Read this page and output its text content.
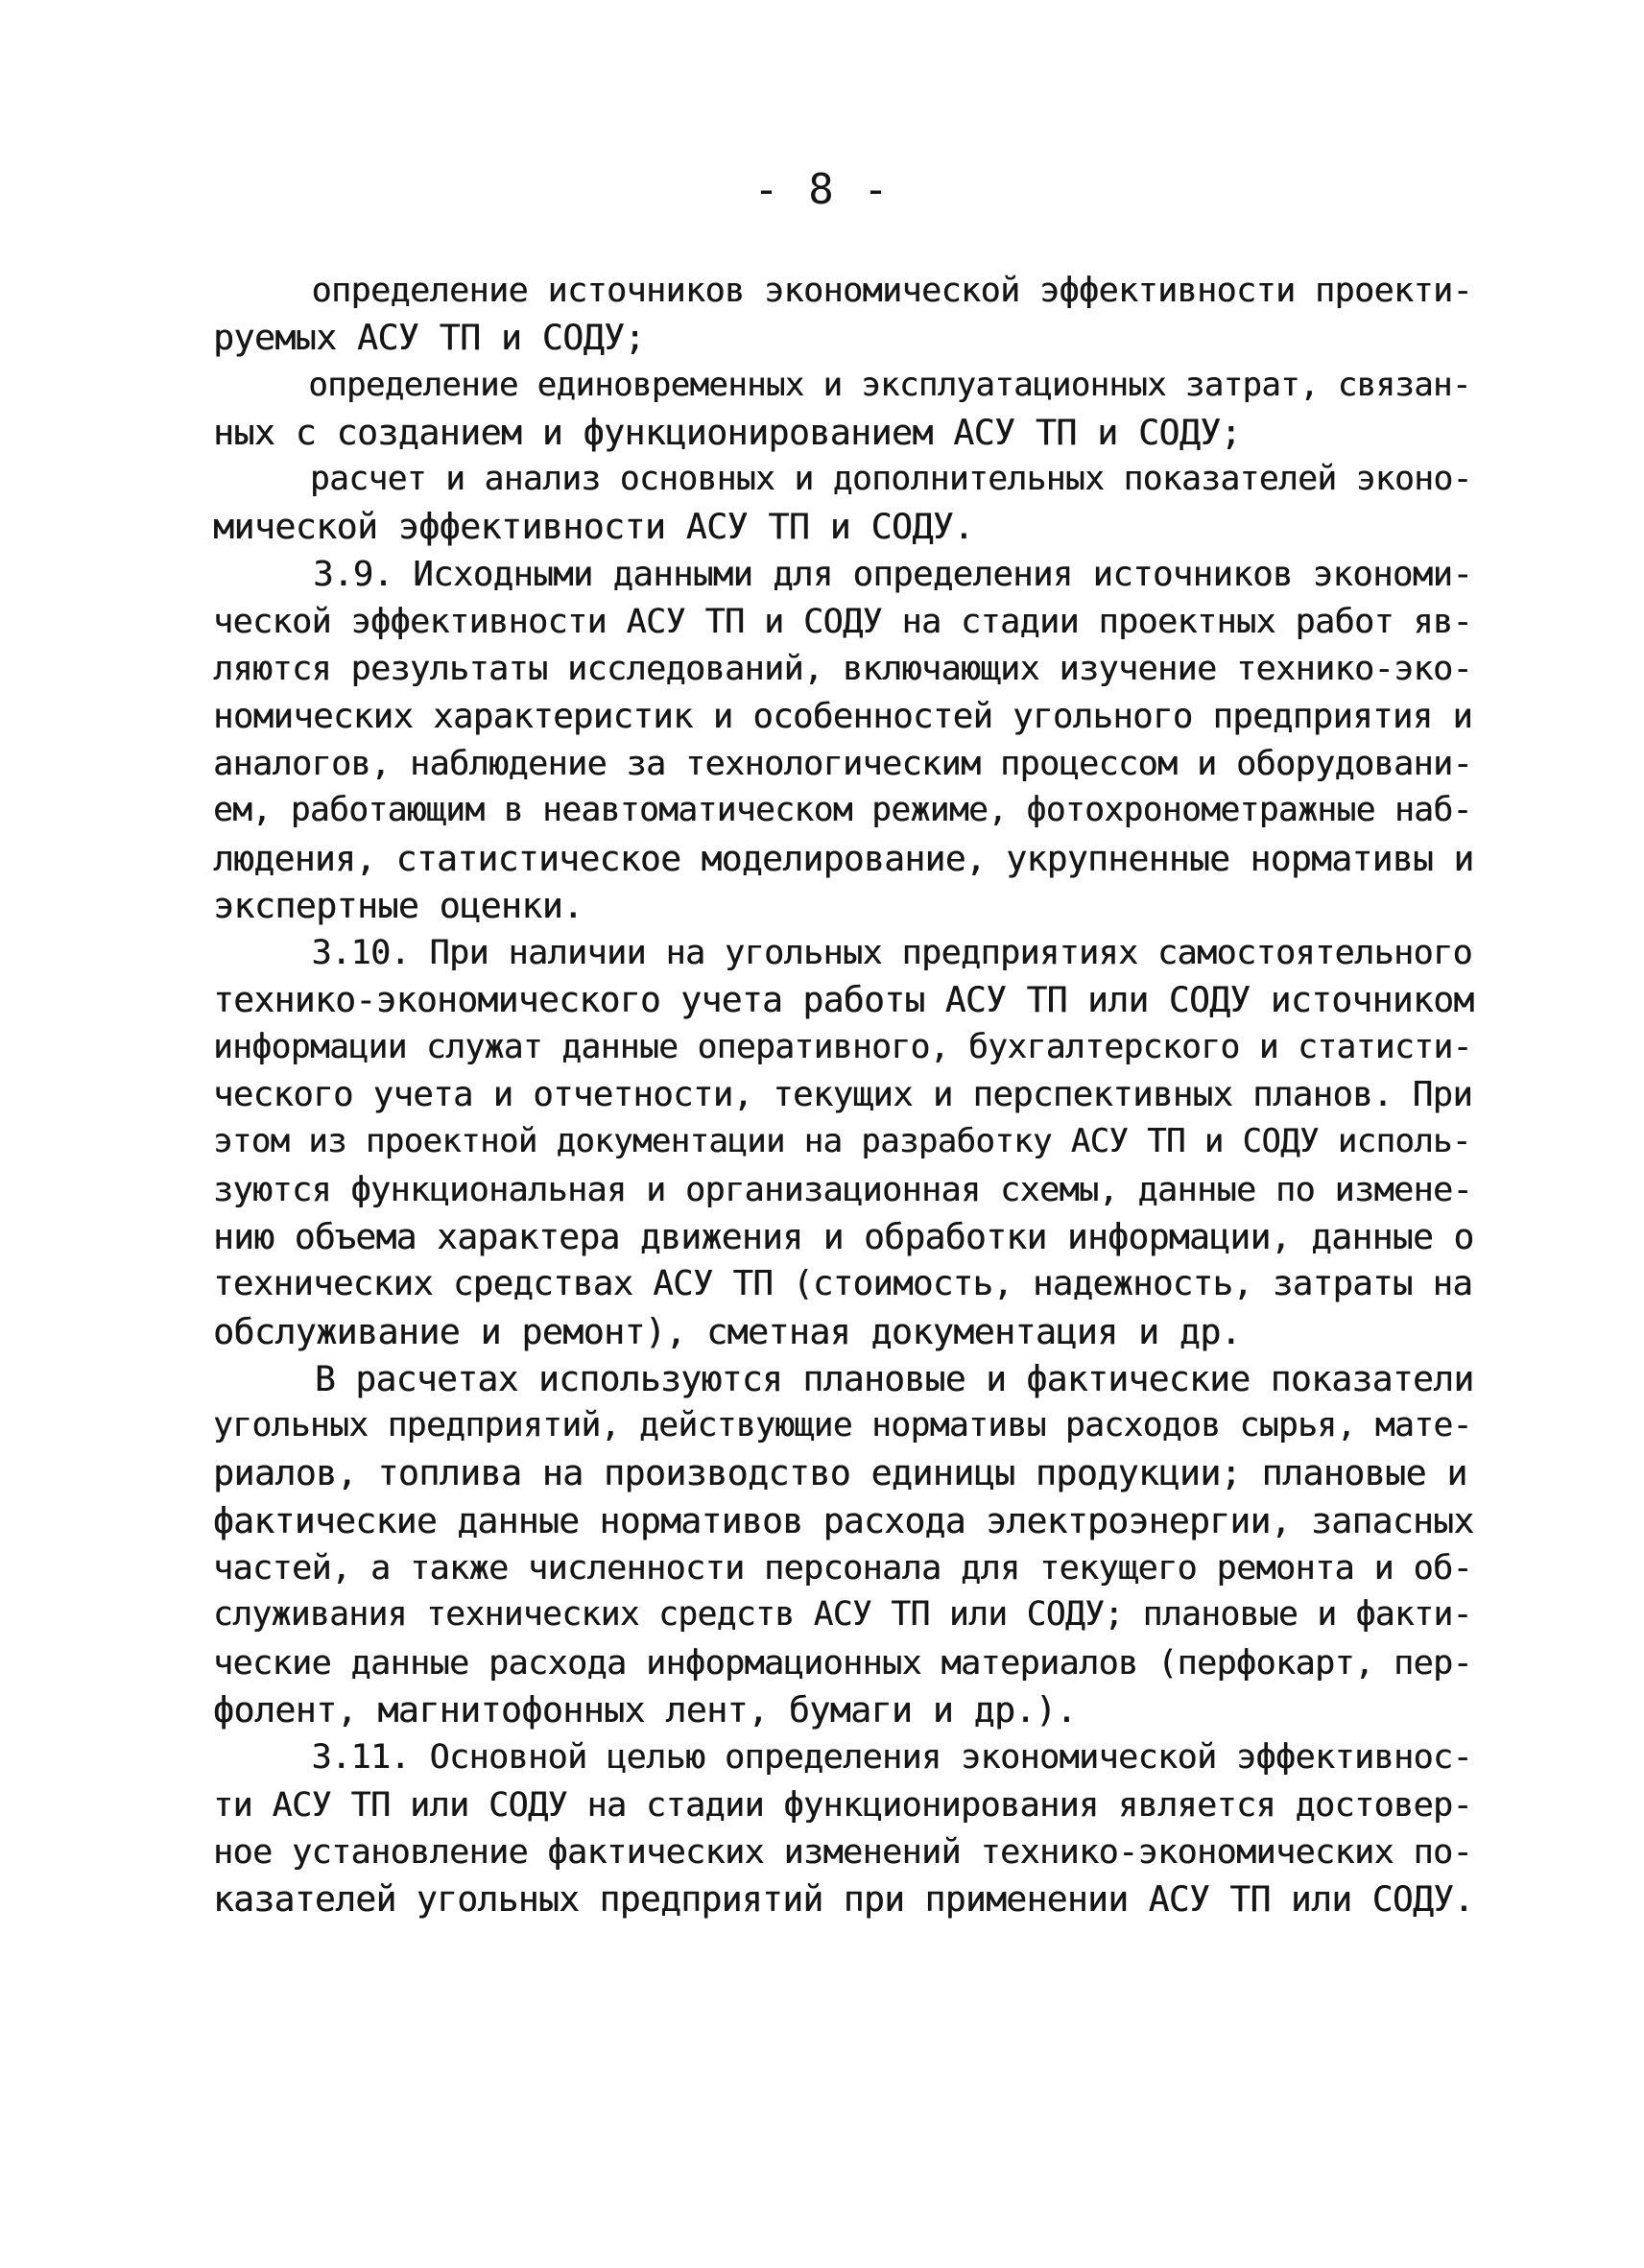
- 8 -
определение источников экономической эффективности проекти-
руемых АСУ ТП и СОДУ;
определение единовременных и эксплуатационных затрат, связан-
ных с созданием и функционированием АСУ ТП и СОДУ;
расчет и анализ основных и дополнительных показателей эконо-
мической эффективности АСУ ТП и СОДУ.
3.9. Исходными данными для определения источников экономи-
ческой эффективности АСУ ТП и СОДУ на стадии проектных работ яв-
ляются результаты исследований, включающих изучение технико-эко-
номических характеристик и особенностей угольного предприятия и
аналогов, наблюдение за технологическим процессом и оборудовани-
ем, работающим в неавтоматическом режиме, фотохронометражные наб-
людения, статистическое моделирование, укрупненные нормативы и
экспертные оценки.
3.10. При наличии на угольных предприятиях самостоятельного
технико-экономического учета работы АСУ ТП или СОДУ источником
информации служат данные оперативного, бухгалтерского и статисти-
ческого учета и отчетности, текущих и перспективных планов. При
этом из проектной документации на разработку АСУ ТП и СОДУ исполь-
зуются функциональная и организационная схемы, данные по измене-
нию объема характера движения и обработки информации, данные о
технических средствах АСУ ТП (стоимость, надежность, затраты на
обслуживание и ремонт), сметная документация и др.
В расчетах используются плановые и фактические показатели
угольных предприятий, действующие нормативы расходов сырья, мате-
риалов, топлива на производство единицы продукции; плановые и
фактические данные нормативов расхода электроэнергии, запасных
частей, а также численности персонала для текущего ремонта и об-
служивания технических средств АСУ ТП или СОДУ; плановые и факти-
ческие данные расхода информационных материалов (перфокарт, пер-
фолент, магнитофонных лент, бумаги и др.).
3.11. Основной целью определения экономической эффективнос-
ти АСУ ТП или СОДУ на стадии функционирования является достовер-
ное установление фактических изменений технико-экономических по-
казателей угольных предприятий при применении АСУ ТП или СОДУ.
